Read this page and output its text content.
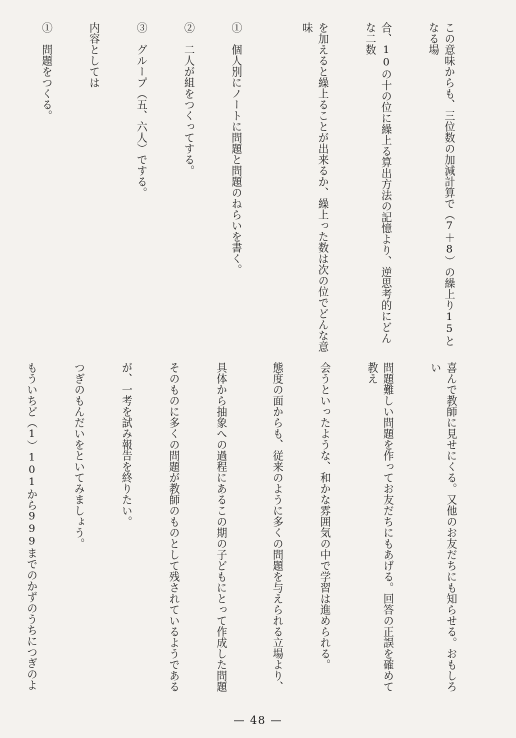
この意味からも、三位数の加減計算で（7＋8）の繰上り15となる場

合、10の十の位に繰上る算出方法の記憶より、逆思考的にどんな二数

を加えると繰上ることが出来るか、繰上った数は次の位でどんな意味

①　個人別にノートに問題と問題のねらいを書く。

②　二人が組をつくってする。

③　グループ（五、六人）でする。

内容としては

①　問題をつくる。

喜んで教師に見せにくる。又他のお友だちにも知らせる。おもしろい

問題難しい問題を作ってお友だちにもあげる。回答の正誤を確めて教え

会うといったような、和かな雰囲気の中で学習は進められる。

態度の面からも、従来のように多くの問題を与えられる立場より、

具体から抽象への過程にあるこの期の子どもにとって作成した問題

そのものに多くの問題が教師のものとして残されているようである

が、一考を試み報告を終りたい。

つぎのもんだいをといてみましょう。

もういちど（1）101から999までのかずのうちにつぎのよ

— 48 —
